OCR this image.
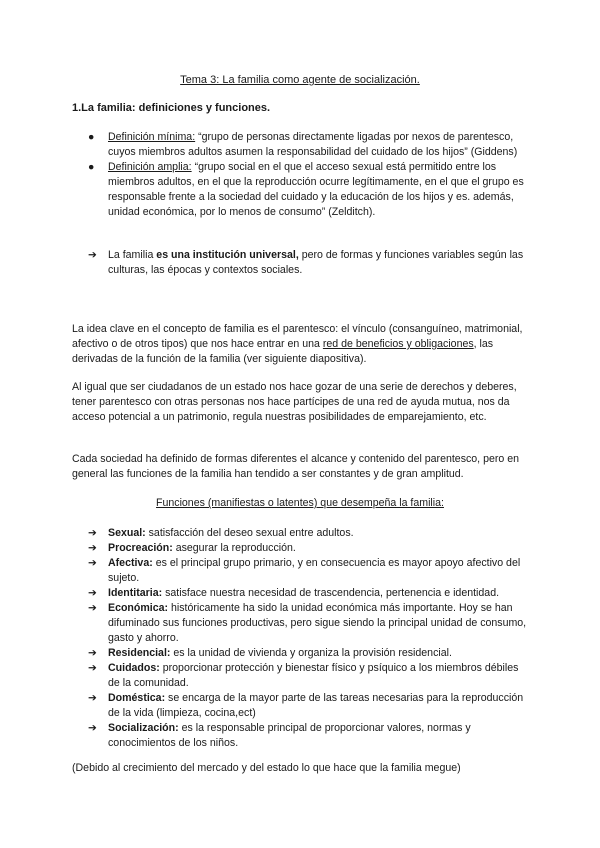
Tema 3: La familia como agente de socialización.
1.La familia: definiciones y funciones.
● Definición mínima: “grupo de personas directamente ligadas por nexos de parentesco, cuyos miembros adultos asumen la responsabilidad del cuidado de los hijos” (Giddens)
● Definición amplia: “grupo social en el que el acceso sexual está permitido entre los miembros adultos, en el que la reproducción ocurre legítimamente, en el que el grupo es responsable frente a la sociedad del cuidado y la educación de los hijos y es. además, unidad económica, por lo menos de consumo” (Zelditch).
➔	La familia es una institución universal, pero de formas y funciones variables según las culturas, las épocas y contextos sociales.

La idea clave en el concepto de familia es el parentesco: el vínculo (consanguíneo, matrimonial, afectivo o de otros tipos) que nos hace entrar en una red de beneficios y obligaciones, las derivadas de la función de la familia (ver siguiente diapositiva).

Al igual que ser ciudadanos de un estado nos hace gozar de una serie de derechos y deberes, tener parentesco con otras personas nos hace partícipes de una red de ayuda mutua, nos da acceso potencial a un patrimonio, regula nuestras posibilidades de emparejamiento, etc.

Cada sociedad ha definido de formas diferentes el alcance y contenido del parentesco, pero en general las funciones de la familia han tendido a ser constantes y de gran amplitud.

Funciones (manifiestas o latentes) que desempeña la familia:
➔ Sexual: satisfacción del deseo sexual entre adultos.
➔ Procreación: asegurar la reproducción.
➔ Afectiva: es el principal grupo primario, y en consecuencia es mayor apoyo afectivo del sujeto.
➔ Identitaria: satisface nuestra necesidad de trascendencia, pertenencia e identidad.
➔ Económica: históricamente ha sido la unidad económica más importante. Hoy se han difuminado sus funciones productivas, pero sigue siendo la principal unidad de consumo, gasto y ahorro.
➔ Residencial: es la unidad de vivienda y organiza la provisión residencial.
➔ Cuidados: proporcionar protección y bienestar físico y psíquico a los miembros débiles de la comunidad.
➔ Doméstica: se encarga de la mayor parte de las tareas necesarias para la reproducción de la vida (limpieza, cocina,ect)
➔ Socialización: es la responsable principal de proporcionar valores, normas y conocimientos de los niños.

(Debido al crecimiento del mercado y del estado lo que hace que la familia megue)
